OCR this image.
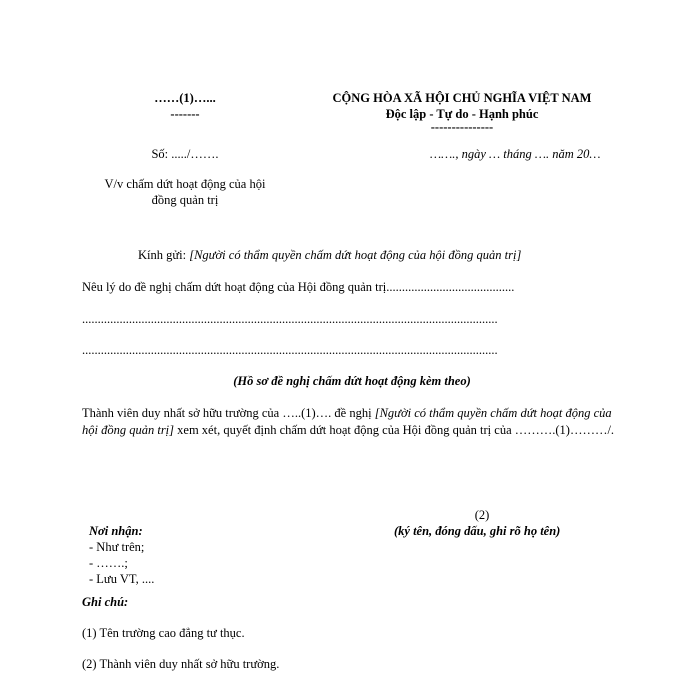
……(1)…...
-------
CỘNG HÒA XÃ HỘI CHỦ NGHĨA VIỆT NAM
Độc lập - Tự do - Hạnh phúc
---------------
Số: ...../…….	……., ngày … tháng …. năm 20…
V/v chấm dứt hoạt động của hội
đồng quản trị
Kính gửi: [Người có thẩm quyền chấm dứt hoạt động của hội đồng quản trị]
Nêu lý do đề nghị chấm dứt hoạt động của Hội đồng quản trị.........................................
.....................................................................................................................................
.....................................................................................................................................
(Hồ sơ đề nghị chấm dứt hoạt động kèm theo)
Thành viên duy nhất sở hữu trường của …..(1)…. đề nghị [Người có thẩm quyền chấm dứt hoạt động của hội đồng quản trị] xem xét, quyết định chấm dứt hoạt động của Hội đồng quản trị của ……….(1)………/.
(2)
(ký tên, đóng dấu, ghi rõ họ tên)
Nơi nhận:
- Như trên;
- …….;
- Lưu VT, ....
Ghi chú:
(1) Tên trường cao đẳng tư thục.
(2) Thành viên duy nhất sở hữu trường.
